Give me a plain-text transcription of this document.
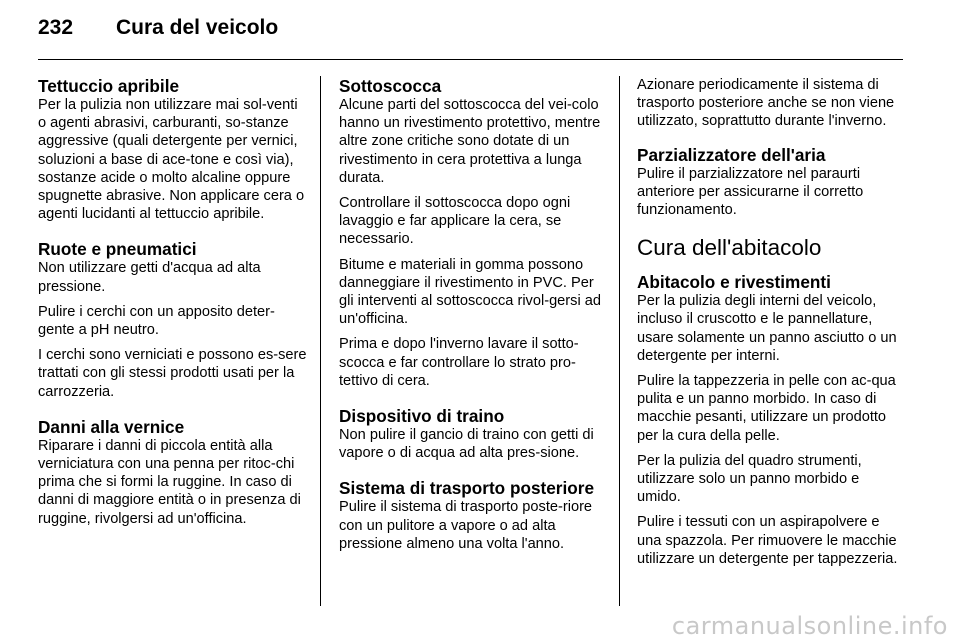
232	Cura del veicolo
Tettuccio apribile

Per la pulizia non utilizzare mai sol-venti o agenti abrasivi, carburanti, so-stanze aggressive (quali detergente per vernici, soluzioni a base di ace-tone e così via), sostanze acide o molto alcaline oppure spugnette abrasive. Non applicare cera o agenti lucidanti al tettuccio apribile.

Ruote e pneumatici

Non utilizzare getti d'acqua ad alta pressione.

Pulire i cerchi con un apposito deter-gente a pH neutro.

I cerchi sono verniciati e possono es-sere trattati con gli stessi prodotti usati per la carrozzeria.

Danni alla vernice

Riparare i danni di piccola entità alla verniciatura con una penna per ritoc-chi prima che si formi la ruggine. In caso di danni di maggiore entità o in presenza di ruggine, rivolgersi ad un'officina.

Sottoscocca

Alcune parti del sottoscocca del vei-colo hanno un rivestimento protettivo, mentre altre zone critiche sono dotate di un rivestimento in cera protettiva a lunga durata.

Controllare il sottoscocca dopo ogni lavaggio e far applicare la cera, se necessario.

Bitume e materiali in gomma possono danneggiare il rivestimento in PVC. Per gli interventi al sottoscocca rivol-gersi ad un'officina.

Prima e dopo l'inverno lavare il sotto-scocca e far controllare lo strato pro-tettivo di cera.

Dispositivo di traino

Non pulire il gancio di traino con getti di vapore o di acqua ad alta pres-sione.

Sistema di trasporto posteriore

Pulire il sistema di trasporto poste-riore con un pulitore a vapore o ad alta pressione almeno una volta l'anno.

Azionare periodicamente il sistema di trasporto posteriore anche se non viene utilizzato, soprattutto durante l'inverno.

Parzializzatore dell'aria

Pulire il parzializzatore nel paraurti anteriore per assicurarne il corretto funzionamento.

Cura dell'abitacolo
Abitacolo e rivestimenti

Per la pulizia degli interni del veicolo, incluso il cruscotto e le pannellature, usare solamente un panno asciutto o un detergente per interni.

Pulire la tappezzeria in pelle con ac-qua pulita e un panno morbido. In caso di macchie pesanti, utilizzare un prodotto per la cura della pelle.

Per la pulizia del quadro strumenti, utilizzare solo un panno morbido e umido.

Pulire i tessuti con un aspirapolvere e una spazzola. Per rimuovere le macchie utilizzare un detergente per tappezzeria.

carmanualsonline.info
